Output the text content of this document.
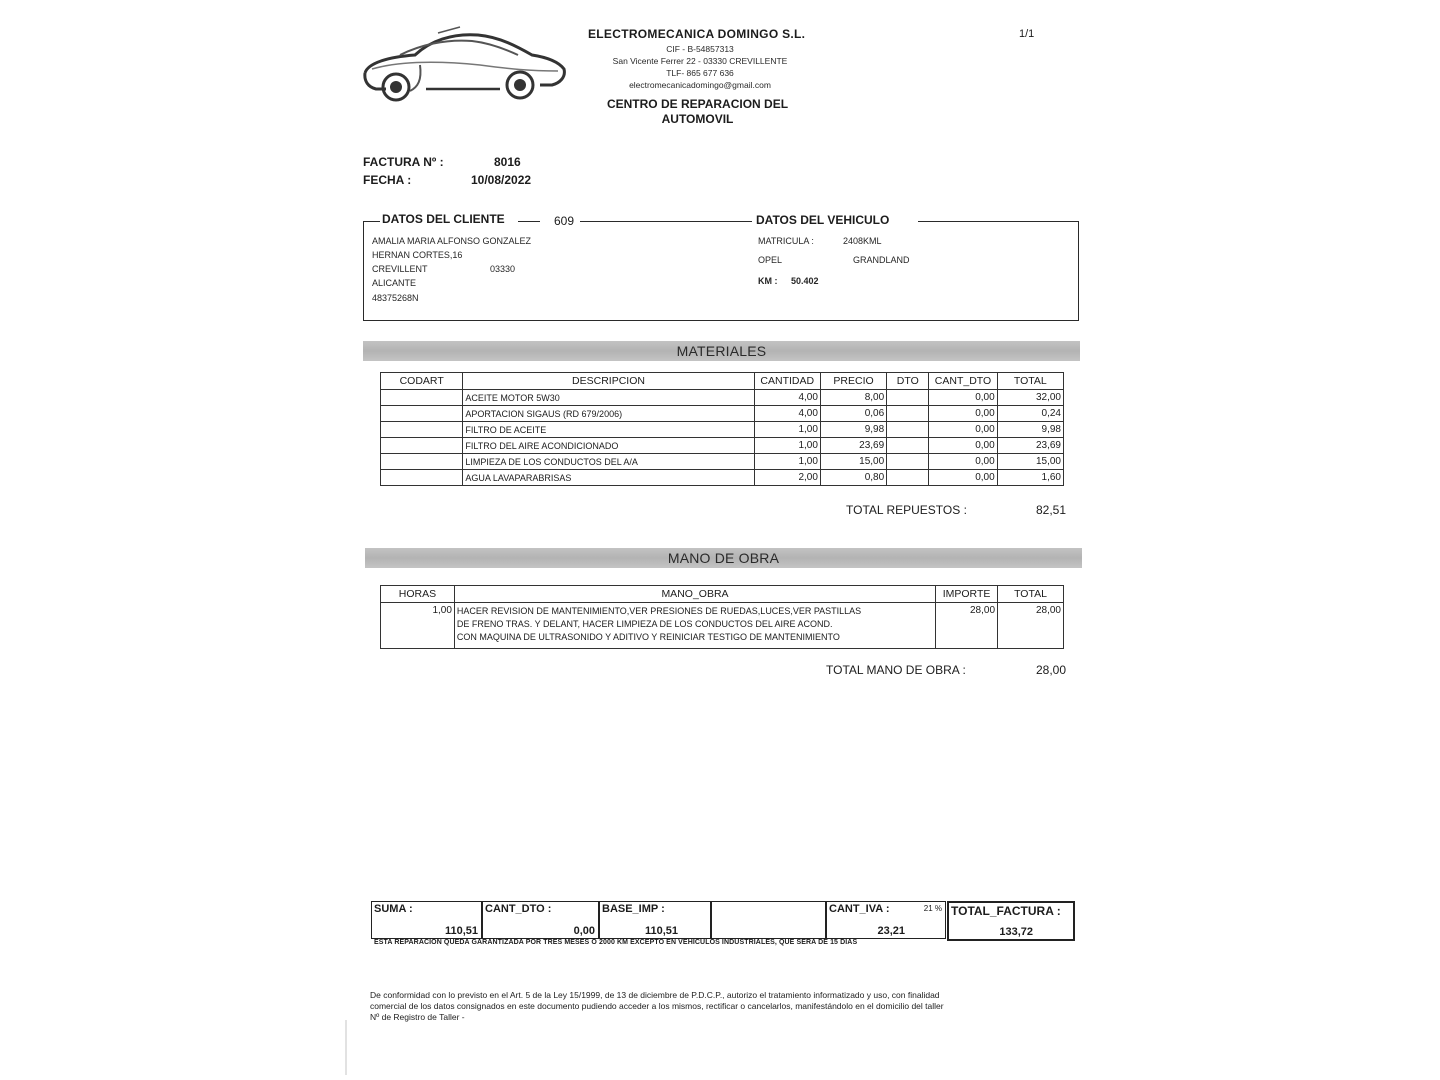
ELECTROMECANICA DOMINGO S.L.
CIF - B-54857313
San Vicente Ferrer 22 - 03330 CREVILLENTE
TLF- 865 677 636
electromecanicadomingo@gmail.com
CENTRO DE REPARACION DEL
AUTOMOVIL
1/1
FACTURA Nº :	8016
FECHA :	10/08/2022
DATOS DEL CLIENTE	609	DATOS DEL VEHICULO
AMALIA MARIA ALFONSO GONZALEZ
HERNAN CORTES,16
CREVILLENT	03330
ALICANTE
48375268N
MATRICULA :	2408KML
OPEL	GRANDLAND
KM : 50.402
MATERIALES
CODART	DESCRIPCION	CANTIDAD	PRECIO	DTO	CANT_DTO	TOTAL
	ACEITE MOTOR 5W30	4,00	8,00		0,00	32,00
	APORTACION SIGAUS (RD 679/2006)	4,00	0,06		0,00	0,24
	FILTRO DE ACEITE	1,00	9,98		0,00	9,98
	FILTRO DEL AIRE ACONDICIONADO	1,00	23,69		0,00	23,69
	LIMPIEZA DE LOS CONDUCTOS DEL A/A	1,00	15,00		0,00	15,00
	AGUA LAVAPARABRISAS	2,00	0,80		0,00	1,60
TOTAL REPUESTOS :	82,51
MANO DE OBRA
HORAS	MANO_OBRA	IMPORTE	TOTAL
1,00	HACER REVISION DE MANTENIMIENTO,VER PRESIONES DE RUEDAS,LUCES,VER PASTILLAS
DE FRENO TRAS. Y DELANT, HACER LIMPIEZA DE LOS CONDUCTOS DEL AIRE ACOND.
CON MAQUINA DE ULTRASONIDO Y ADITIVO Y REINICIAR TESTIGO DE MANTENIMIENTO	28,00	28,00
TOTAL MANO DE OBRA :	28,00
SUMA :
110,51
CANT_DTO :
0,00
BASE_IMP :
110,51
CANT_IVA :	21 %
23,21
TOTAL_FACTURA :
133,72
ESTA REPARACION QUEDA GARANTIZADA POR TRES MESES O 2000 KM EXCEPTO EN VEHICULOS INDUSTRIALES, QUE SERA DE 15 DIAS
De conformidad con lo previsto en el Art. 5 de la Ley 15/1999, de 13 de diciembre de P.D.C.P., autorizo el tratamiento informatizado y uso, con finalidad
comercial de los datos consignados en este documento pudiendo acceder a los mismos, rectificar o cancelarlos, manifestándolo en el domicilio del taller
Nº de Registro de Taller -
